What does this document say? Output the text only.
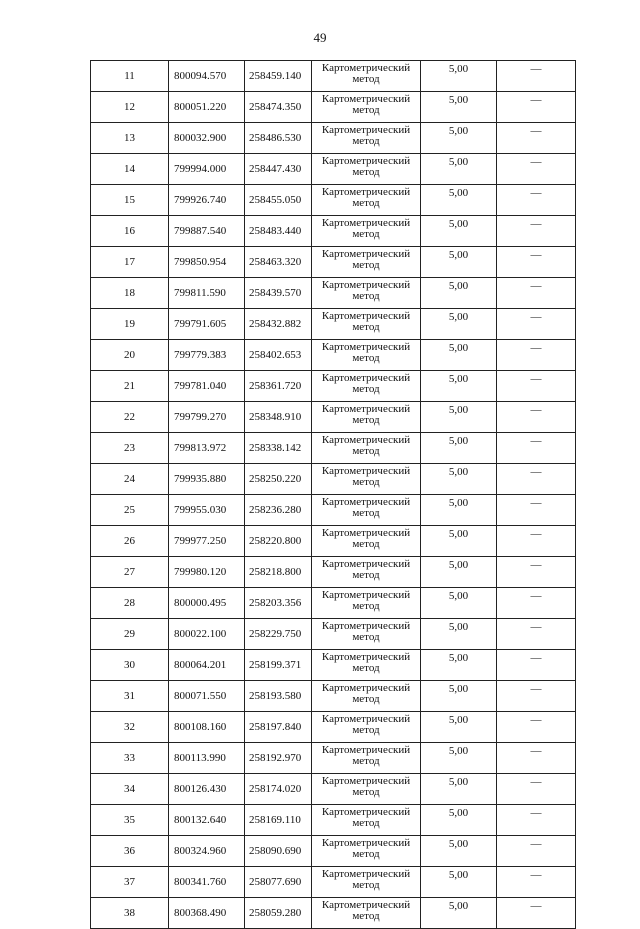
49
11	800094.570	258459.140	Картометрический
метод	5,00	—
12	800051.220	258474.350	Картометрический
метод	5,00	—
13	800032.900	258486.530	Картометрический
метод	5,00	—
14	799994.000	258447.430	Картометрический
метод	5,00	—
15	799926.740	258455.050	Картометрический
метод	5,00	—
16	799887.540	258483.440	Картометрический
метод	5,00	—
17	799850.954	258463.320	Картометрический
метод	5,00	—
18	799811.590	258439.570	Картометрический
метод	5,00	—
19	799791.605	258432.882	Картометрический
метод	5,00	—
20	799779.383	258402.653	Картометрический
метод	5,00	—
21	799781.040	258361.720	Картометрический
метод	5,00	—
22	799799.270	258348.910	Картометрический
метод	5,00	—
23	799813.972	258338.142	Картометрический
метод	5,00	—
24	799935.880	258250.220	Картометрический
метод	5,00	—
25	799955.030	258236.280	Картометрический
метод	5,00	—
26	799977.250	258220.800	Картометрический
метод	5,00	—
27	799980.120	258218.800	Картометрический
метод	5,00	—
28	800000.495	258203.356	Картометрический
метод	5,00	—
29	800022.100	258229.750	Картометрический
метод	5,00	—
30	800064.201	258199.371	Картометрический
метод	5,00	—
31	800071.550	258193.580	Картометрический
метод	5,00	—
32	800108.160	258197.840	Картометрический
метод	5,00	—
33	800113.990	258192.970	Картометрический
метод	5,00	—
34	800126.430	258174.020	Картометрический
метод	5,00	—
35	800132.640	258169.110	Картометрический
метод	5,00	—
36	800324.960	258090.690	Картометрический
метод	5,00	—
37	800341.760	258077.690	Картометрический
метод	5,00	—
38	800368.490	258059.280	Картометрический
метод	5,00	—
